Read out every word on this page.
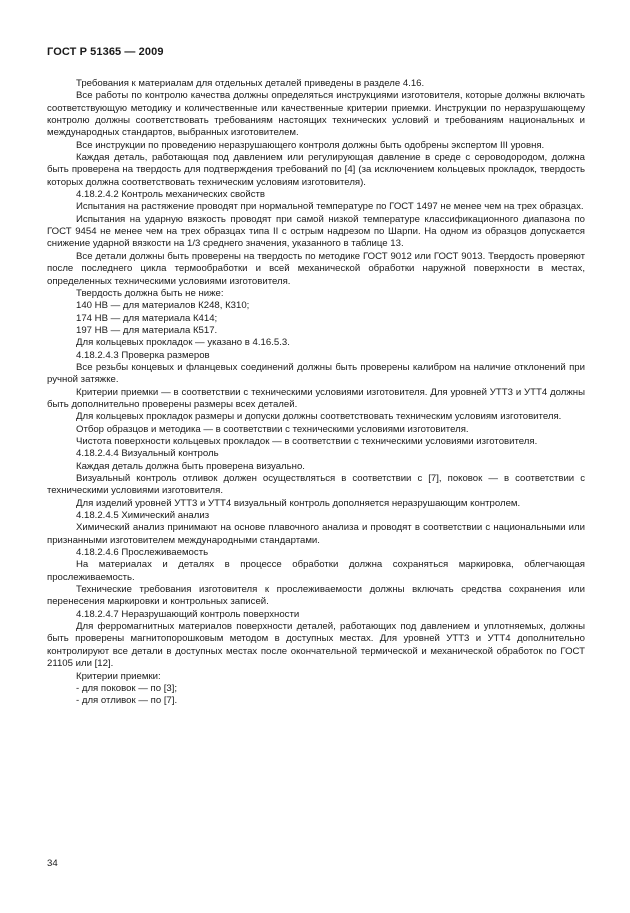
ГОСТ Р 51365 — 2009

Требования к материалам для отдельных деталей приведены в разделе 4.16.

Все работы по контролю качества должны определяться инструкциями изготовителя, которые должны включать соответствующую методику и количественные или качественные критерии приемки. Инструкции по неразрушающему контролю должны соответствовать требованиям настоящих технических условий и требованиям национальных и международных стандартов, выбранных изготовителем.

Все инструкции по проведению неразрушающего контроля должны быть одобрены экспертом III уровня.

Каждая деталь, работающая под давлением или регулирующая давление в среде с сероводородом, должна быть проверена на твердость для подтверждения требований по [4] (за исключением кольцевых прокладок, твердость которых должна соответствовать техническим условиям изготовителя).

4.18.2.4.2 Контроль механических свойств

Испытания на растяжение проводят при нормальной температуре по ГОСТ 1497 не менее чем на трех образцах.

Испытания на ударную вязкость проводят при самой низкой температуре классификационного диапазона по ГОСТ 9454 не менее чем на трех образцах типа II с острым надрезом по Шарпи. На одном из образцов допускается снижение ударной вязкости на 1/3 среднего значения, указанного в таблице 13.

Все детали должны быть проверены на твердость по методике ГОСТ 9012 или ГОСТ 9013. Твердость проверяют после последнего цикла термообработки и всей механической обработки наружной поверхности в местах, определенных техническими условиями изготовителя.

Твердость должна быть не ниже:

140 НВ — для материалов К248, К310;

174 НВ — для материала К414;

197 НВ — для материала К517.

Для кольцевых прокладок — указано в 4.16.5.3.

4.18.2.4.3 Проверка размеров

Все резьбы концевых и фланцевых соединений должны быть проверены калибром на наличие отклонений при ручной затяжке.

Критерии приемки — в соответствии с техническими условиями изготовителя. Для уровней УТТ3 и УТТ4 должны быть дополнительно проверены размеры всех деталей.

Для кольцевых прокладок размеры и допуски должны соответствовать техническим условиям изготовителя.

Отбор образцов и методика — в соответствии с техническими условиями изготовителя.

Чистота поверхности кольцевых прокладок — в соответствии с техническими условиями изготовителя.

4.18.2.4.4 Визуальный контроль

Каждая деталь должна быть проверена визуально.

Визуальный контроль отливок должен осуществляться в соответствии с [7], поковок — в соответствии с техническими условиями изготовителя.

Для изделий уровней УТТ3 и УТТ4 визуальный контроль дополняется неразрушающим контролем.

4.18.2.4.5 Химический анализ

Химический анализ принимают на основе плавочного анализа и проводят в соответствии с национальными или признанными изготовителем международными стандартами.

4.18.2.4.6 Прослеживаемость

На материалах и деталях в процессе обработки должна сохраняться маркировка, облегчающая прослеживаемость.

Технические требования изготовителя к прослеживаемости должны включать средства сохранения или перенесения маркировки и контрольных записей.

4.18.2.4.7 Неразрушающий контроль поверхности

Для ферромагнитных материалов поверхности деталей, работающих под давлением и уплотняемых, должны быть проверены магнитопорошковым методом в доступных местах. Для уровней УТТ3 и УТТ4 дополнительно контролируют все детали в доступных местах после окончательной термической и механической обработок по ГОСТ 21105 или [12].

Критерии приемки:

- для поковок — по [3];

- для отливок — по [7].

34
